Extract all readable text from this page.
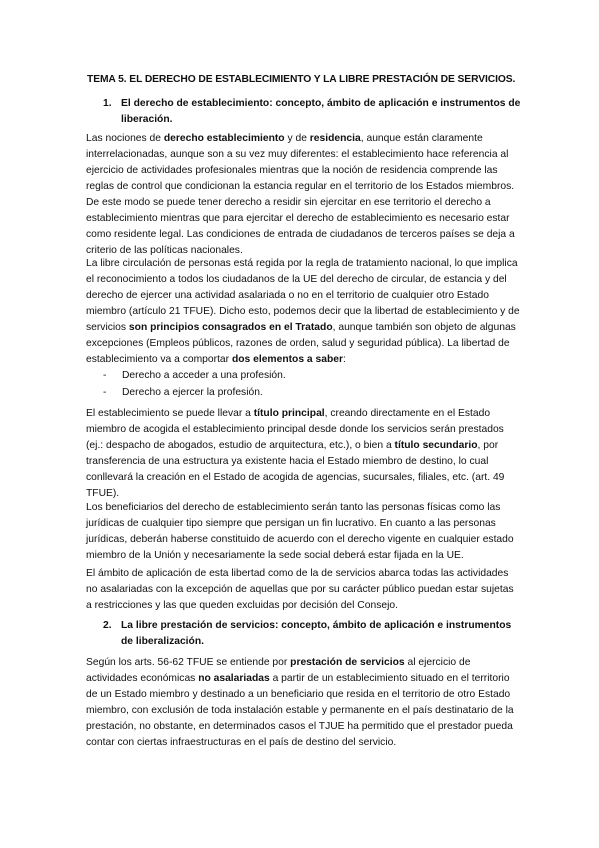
TEMA 5. EL DERECHO DE ESTABLECIMIENTO Y LA LIBRE PRESTACIÓN DE SERVICIOS.
1. El derecho de establecimiento: concepto, ámbito de aplicación e instrumentos de liberación.

Las nociones de derecho establecimiento y de residencia, aunque están claramente interrelacionadas, aunque son a su vez muy diferentes: el establecimiento hace referencia al ejercicio de actividades profesionales mientras que la noción de residencia comprende las reglas de control que condicionan la estancia regular en el territorio de los Estados miembros. De este modo se puede tener derecho a residir sin ejercitar en ese territorio el derecho a establecimiento mientras que para ejercitar el derecho de establecimiento es necesario estar como residente legal. Las condiciones de entrada de ciudadanos de terceros países se deja a criterio de las políticas nacionales.

La libre circulación de personas está regida por la regla de tratamiento nacional, lo que implica el reconocimiento a todos los ciudadanos de la UE del derecho de circular, de estancia y del derecho de ejercer una actividad asalariada o no en el territorio de cualquier otro Estado miembro (artículo 21 TFUE). Dicho esto, podemos decir que la libertad de establecimiento y de servicios son principios consagrados en el Tratado, aunque también son objeto de algunas excepciones (Empleos públicos, razones de orden, salud y seguridad pública). La libertad de establecimiento va a comportar dos elementos a saber:

- Derecho a acceder a una profesión.
- Derecho a ejercer la profesión.

El establecimiento se puede llevar a título principal, creando directamente en el Estado miembro de acogida el establecimiento principal desde donde los servicios serán prestados (ej.: despacho de abogados, estudio de arquitectura, etc.), o bien a título secundario, por transferencia de una estructura ya existente hacia el Estado miembro de destino, lo cual conllevará la creación en el Estado de acogida de agencias, sucursales, filiales, etc. (art. 49 TFUE).

Los beneficiarios del derecho de establecimiento serán tanto las personas físicas como las jurídicas de cualquier tipo siempre que persigan un fin lucrativo. En cuanto a las personas jurídicas, deberán haberse constituido de acuerdo con el derecho vigente en cualquier estado miembro de la Unión y necesariamente la sede social deberá estar fijada en la UE.

El ámbito de aplicación de esta libertad como de la de servicios abarca todas las actividades no asalariadas con la excepción de aquellas que por su carácter público puedan estar sujetas a restricciones y las que queden excluidas por decisión del Consejo.

2. La libre prestación de servicios: concepto, ámbito de aplicación e instrumentos de liberalización.

Según los arts. 56-62 TFUE se entiende por prestación de servicios al ejercicio de actividades económicas no asalariadas a partir de un establecimiento situado en el territorio de un Estado miembro y destinado a un beneficiario que resida en el territorio de otro Estado miembro, con exclusión de toda instalación estable y permanente en el país destinatario de la prestación, no obstante, en determinados casos el TJUE ha permitido que el prestador pueda contar con ciertas infraestructuras en el país de destino del servicio.
